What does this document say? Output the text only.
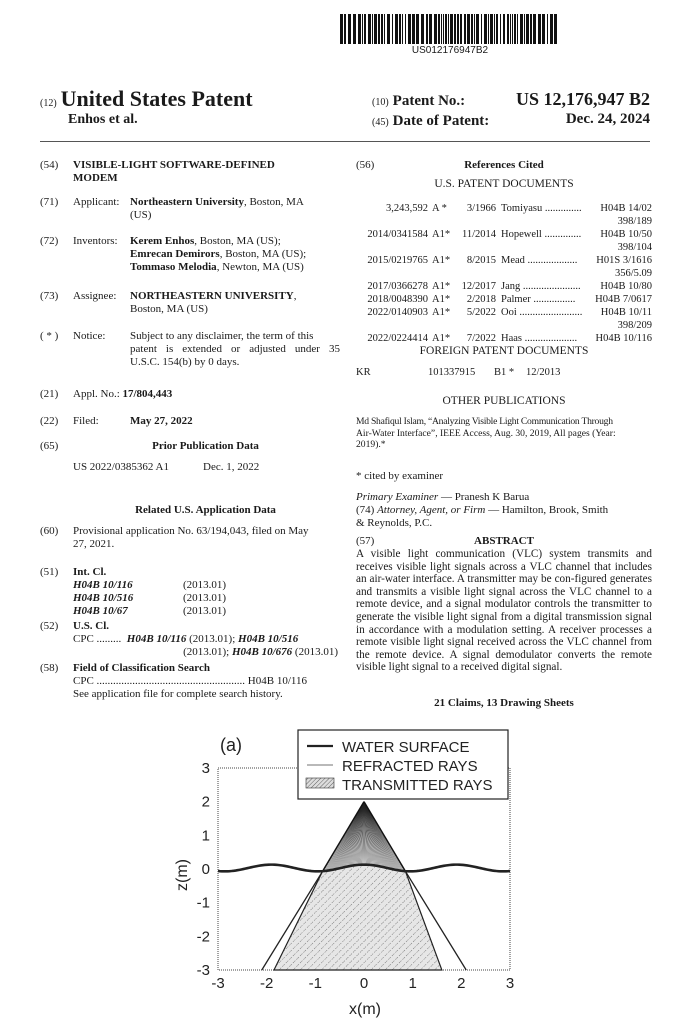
US012176947B2
(12) United States Patent
Enhos et al.
(10) Patent No.:	US 12,176,947 B2
(45) Date of Patent:	Dec. 24, 2024
(54) VISIBLE-LIGHT SOFTWARE-DEFINED
MODEM
(71) Applicant: Northeastern University, Boston, MA
(US)
(72) Inventors: Kerem Enhos, Boston, MA (US);
Emrecan Demirors, Boston, MA (US);
Tommaso Melodia, Newton, MA (US)
(73) Assignee: NORTHEASTERN UNIVERSITY,
Boston, MA (US)
( * ) Notice: Subject to any disclaimer, the term of this
patent is extended or adjusted under 35
U.S.C. 154(b) by 0 days.
(21) Appl. No.: 17/804,443
(22) Filed:	May 27, 2022
(65)	Prior Publication Data
US 2022/0385362 A1	Dec. 1, 2022
Related U.S. Application Data
(60) Provisional application No. 63/194,043, filed on May
27, 2021.
(51) Int. Cl.
H04B 10/116	(2013.01)
H04B 10/516	(2013.01)
H04B 10/67	(2013.01)
(52) U.S. Cl.
CPC ......... H04B 10/116 (2013.01); H04B 10/516
(2013.01); H04B 10/676 (2013.01)
(58) Field of Classification Search
CPC ...................................................... H04B 10/116
See application file for complete search history.
(56)	References Cited
U.S. PATENT DOCUMENTS
3,243,592 A * 3/1966 Tomiyasu .............. H04B 14/02
398/189
2014/0341584 A1* 11/2014 Hopewell .............. H04B 10/50
398/104
2015/0219765 A1* 8/2015 Mead ................... H01S 3/1616
356/5.09
2017/0366278 A1* 12/2017 Jang ...................... H04B 10/80
2018/0048390 A1* 2/2018 Palmer ................ H04B 7/0617
2022/0140903 A1* 5/2022 Ooi ........................ H04B 10/11
398/209
2022/0224414 A1* 7/2022 Haas .................... H04B 10/116
FOREIGN PATENT DOCUMENTS
KR	101337915 B1 * 12/2013
OTHER PUBLICATIONS
Md Shafiqul Islam, “Analyzing Visible Light Communication Through
Air-Water Interface”, IEEE Access, Aug. 30, 2019, All pages (Year:
2019).*
* cited by examiner
Primary Examiner — Pranesh K Barua
(74) Attorney, Agent, or Firm — Hamilton, Brook, Smith
& Reynolds, P.C.
(57)	ABSTRACT
A visible light communication (VLC) system transmits and receives visible light signals across a VLC channel that includes an air-water interface. A transmitter may be con-figured generates and transmits a visible light signal across the VLC channel to a remote device, and a signal modulator controls the transmitter to generate the visible light signal from a digital transmission signal in accordance with a modulation setting. A receiver processes a remote visible light signal received across the VLC channel from the remote device. A signal demodulator converts the remote visible light signal to a received digital signal.
21 Claims, 13 Drawing Sheets
-3 -2 -1	0	1	2	3
3
2
1
0
-1
-2
-3
(a)	WATER SURFACE
REFRACTED RAYS
TRANSMITTED RAYS
x(m)
z(m)
